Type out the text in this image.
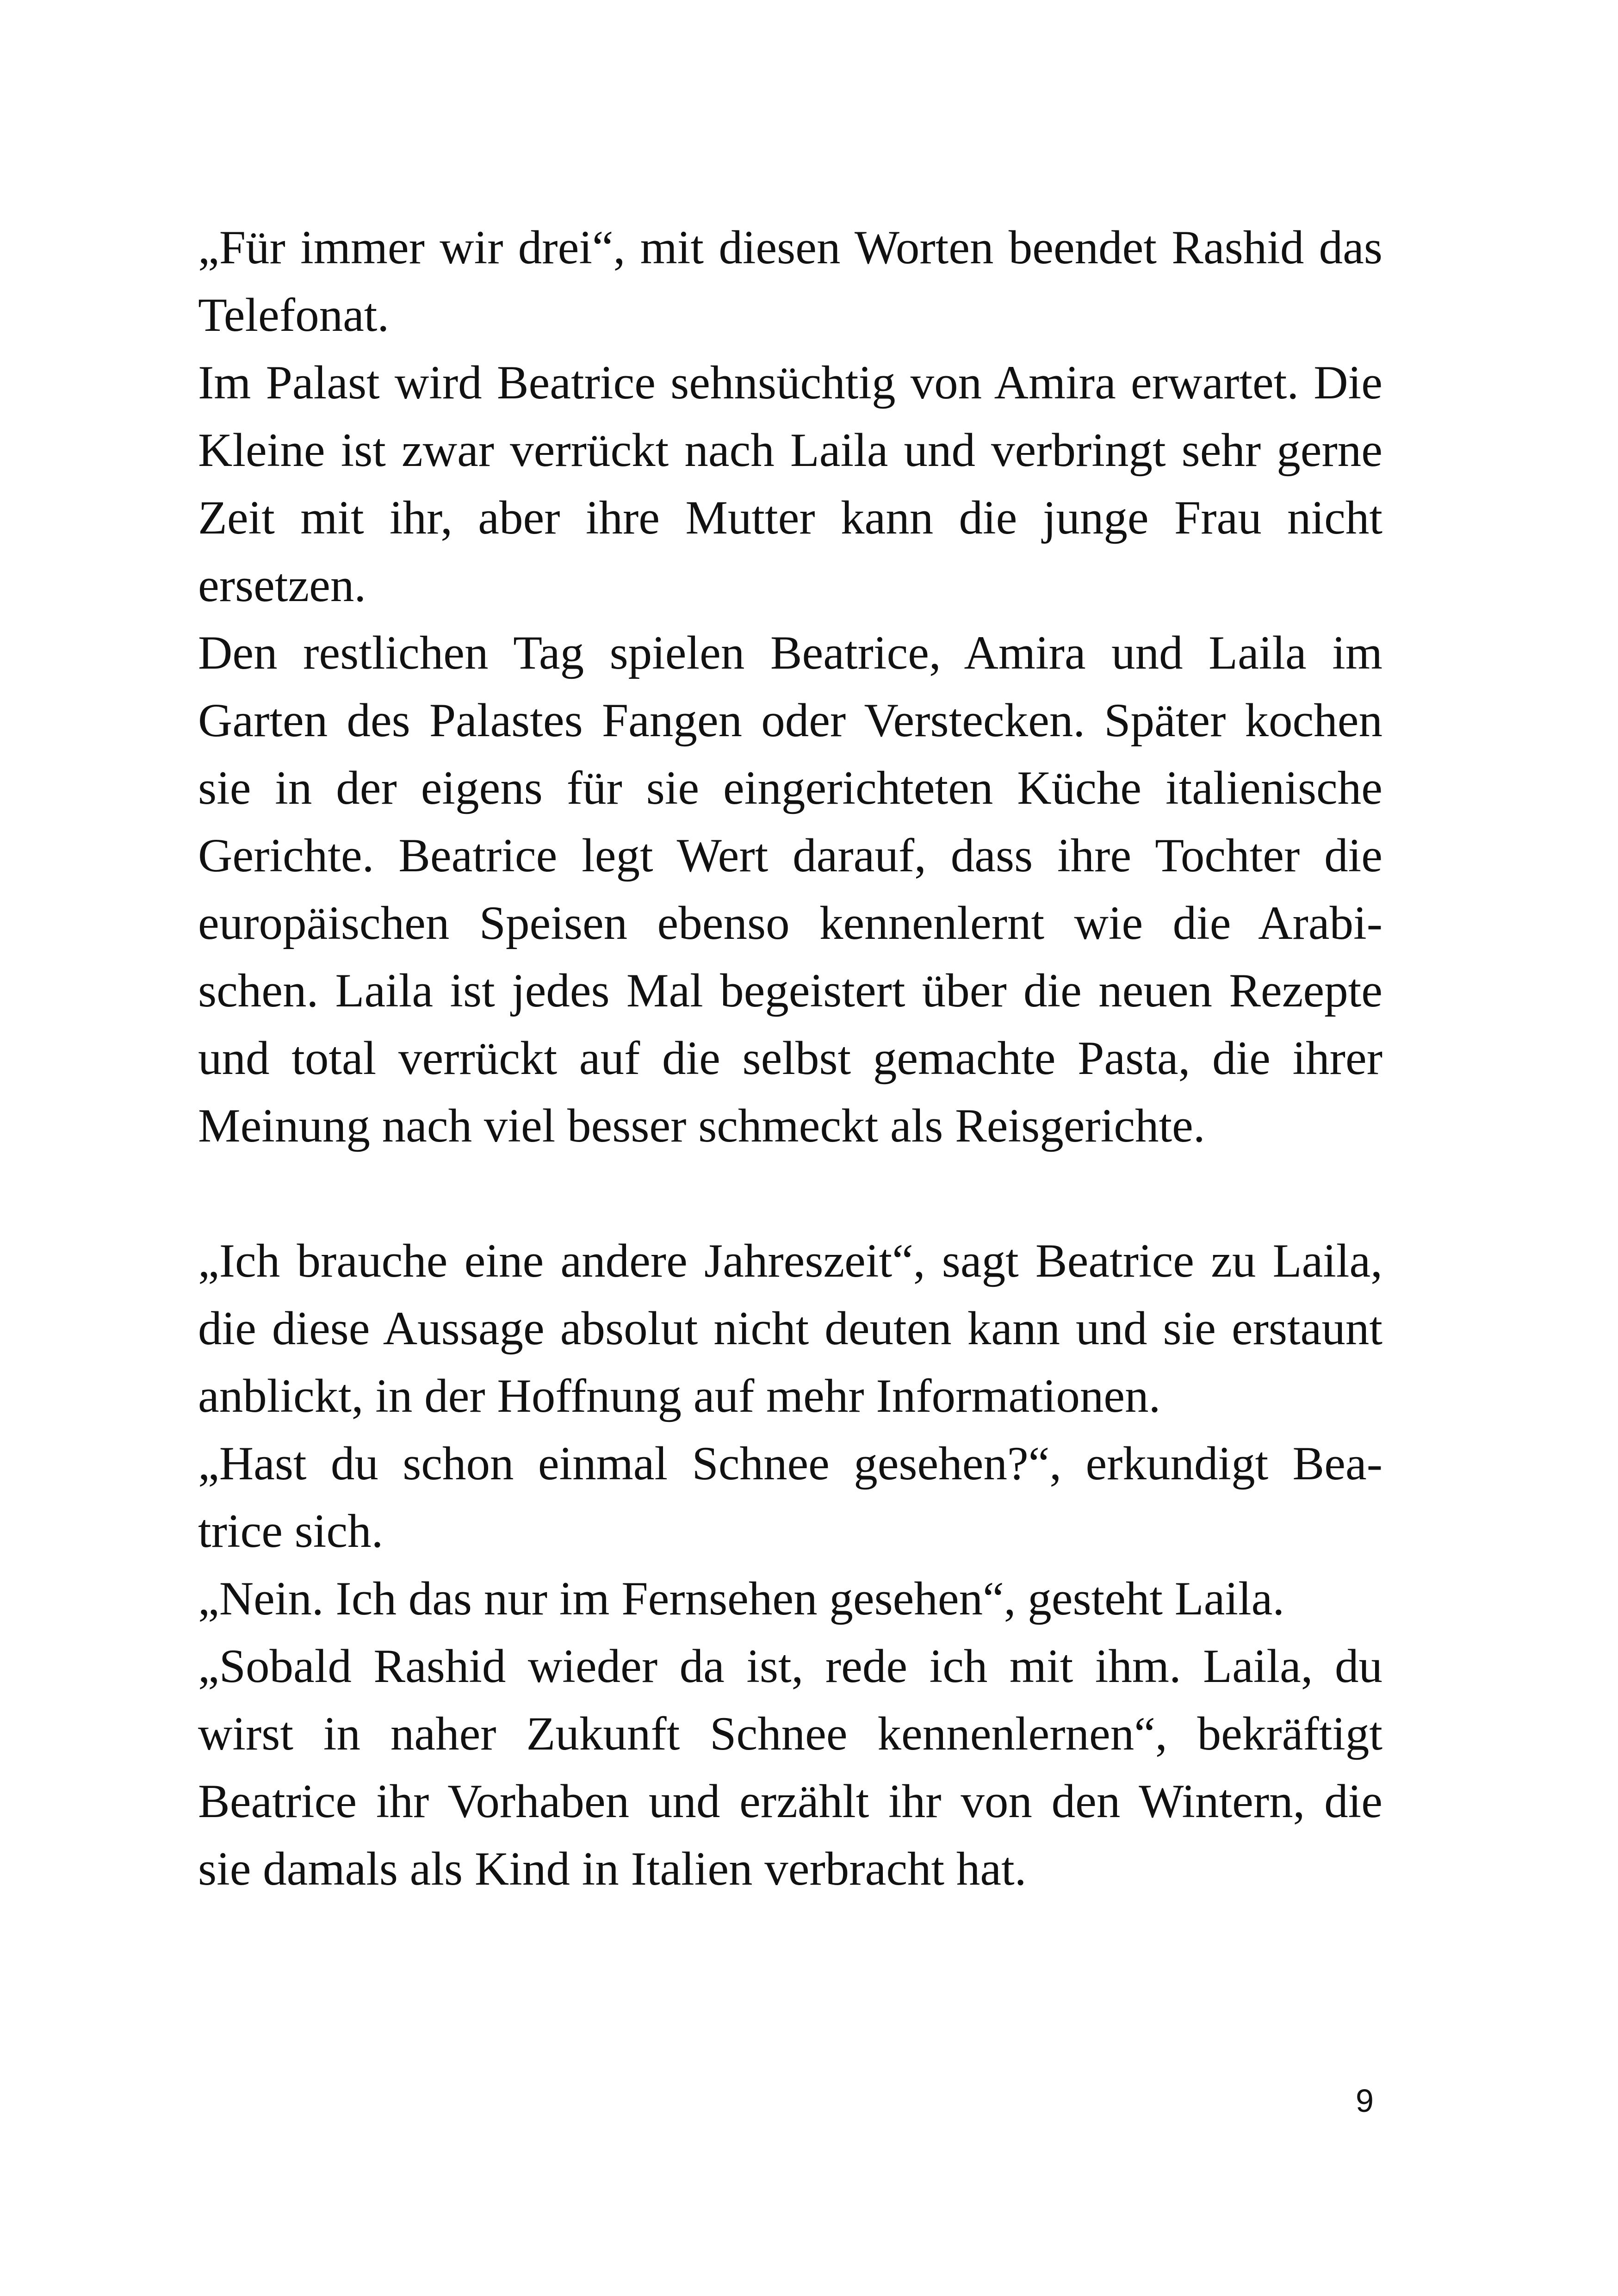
„Für immer wir drei“, mit diesen Worten beendet Rashid das
Telefonat.

Im Palast wird Beatrice sehnsüchtig von Amira erwartet. Die
Kleine ist zwar verrückt nach Laila und verbringt sehr gerne
Zeit mit ihr, aber ihre Mutter kann die junge Frau nicht
ersetzen.

Den restlichen Tag spielen Beatrice, Amira und Laila im
Garten des Palastes Fangen oder Verstecken. Später kochen
sie in der eigens für sie eingerichteten Küche italienische
Gerichte. Beatrice legt Wert darauf, dass ihre Tochter die
europäischen Speisen ebenso kennenlernt wie die Arabi-
schen. Laila ist jedes Mal begeistert über die neuen Rezepte
und total verrückt auf die selbst gemachte Pasta, die ihrer
Meinung nach viel besser schmeckt als Reisgerichte.

„Ich brauche eine andere Jahreszeit“, sagt Beatrice zu Laila,
die diese Aussage absolut nicht deuten kann und sie erstaunt
anblickt, in der Hoffnung auf mehr Informationen.

„Hast du schon einmal Schnee gesehen?“, erkundigt Bea-
trice sich.

„Nein. Ich das nur im Fernsehen gesehen“, gesteht Laila.

„Sobald Rashid wieder da ist, rede ich mit ihm. Laila, du
wirst in naher Zukunft Schnee kennenlernen“, bekräftigt
Beatrice ihr Vorhaben und erzählt ihr von den Wintern, die
sie damals als Kind in Italien verbracht hat.

9
